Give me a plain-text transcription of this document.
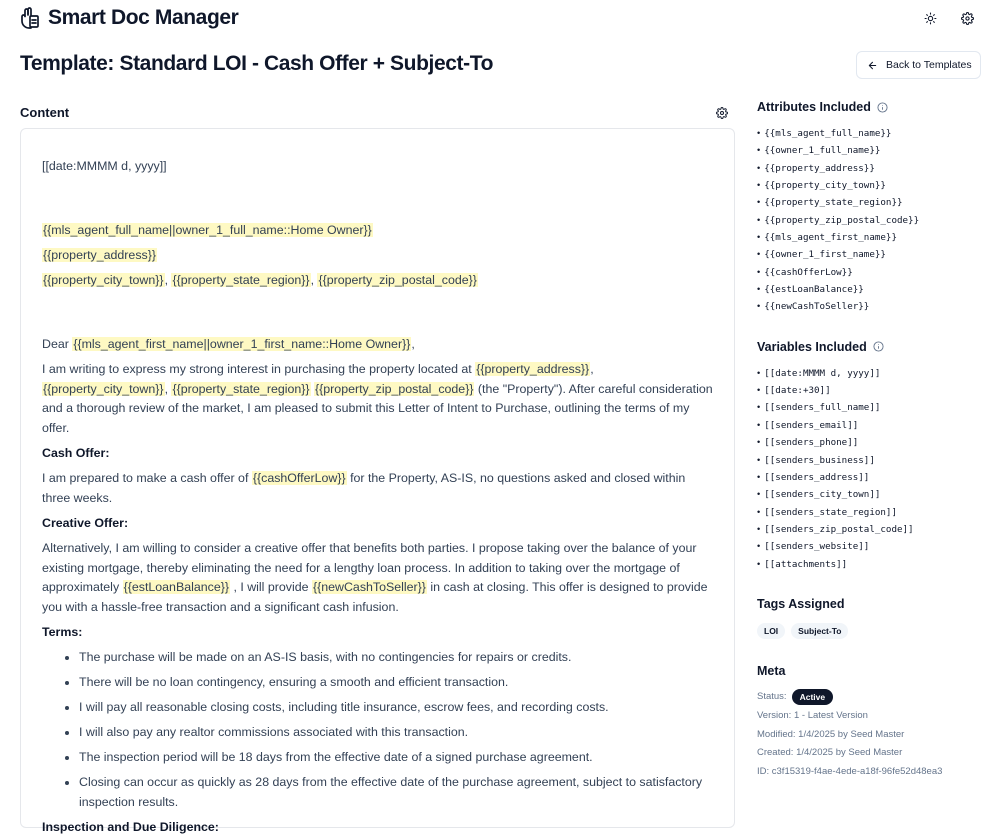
Smart Doc Manager
Template: Standard LOI - Cash Offer + Subject-To	Back to Templates
Content

[[date:MMMM d, yyyy]]

{{mls_agent_full_name||owner_1_full_name::Home Owner}}

{{property_address}}

{{property_city_town}}, {{property_state_region}}, {{property_zip_postal_code}}

Dear {{mls_agent_first_name||owner_1_first_name::Home Owner}},

I am writing to express my strong interest in purchasing the property located at {{property_address}}, {{property_city_town}}, {{property_state_region}} {{property_zip_postal_code}} (the "Property"). After careful consideration and a thorough review of the market, I am pleased to submit this Letter of Intent to Purchase, outlining the terms of my offer.

Cash Offer:

I am prepared to make a cash offer of {{cashOfferLow}} for the Property, AS-IS, no questions asked and closed within three weeks.

Creative Offer:

Alternatively, I am willing to consider a creative offer that benefits both parties. I propose taking over the balance of your existing mortgage, thereby eliminating the need for a lengthy loan process. In addition to taking over the mortgage of approximately {{estLoanBalance}} , I will provide {{newCashToSeller}} in cash at closing. This offer is designed to provide you with a hassle-free transaction and a significant cash infusion.

Terms:

• The purchase will be made on an AS-IS basis, with no contingencies for repairs or credits.
• There will be no loan contingency, ensuring a smooth and efficient transaction.
• I will pay all reasonable closing costs, including title insurance, escrow fees, and recording costs.
• I will also pay any realtor commissions associated with this transaction.
• The inspection period will be 18 days from the effective date of a signed purchase agreement.
• Closing can occur as quickly as 28 days from the effective date of the purchase agreement, subject to satisfactory inspection results.

Inspection and Due Diligence:

Attributes Included
• {{mls_agent_full_name}}
• {{owner_1_full_name}}
• {{property_address}}
• {{property_city_town}}
• {{property_state_region}}
• {{property_zip_postal_code}}
• {{mls_agent_first_name}}
• {{owner_1_first_name}}
• {{cashOfferLow}}
• {{estLoanBalance}}
• {{newCashToSeller}}
Variables Included
• [[date:MMMM d, yyyy]]
• [[date:+30]]
• [[senders_full_name]]
• [[senders_email]]
• [[senders_phone]]
• [[senders_business]]
• [[senders_address]]
• [[senders_city_town]]
• [[senders_state_region]]
• [[senders_zip_postal_code]]
• [[senders_website]]
• [[attachments]]
Tags Assigned
LOI	Subject-To
Meta
Status:	Active
Version: 1 - Latest Version
Modified: 1/4/2025 by Seed Master
Created: 1/4/2025 by Seed Master
ID: c3f15319-f4ae-4ede-a18f-96fe52d48ea3
